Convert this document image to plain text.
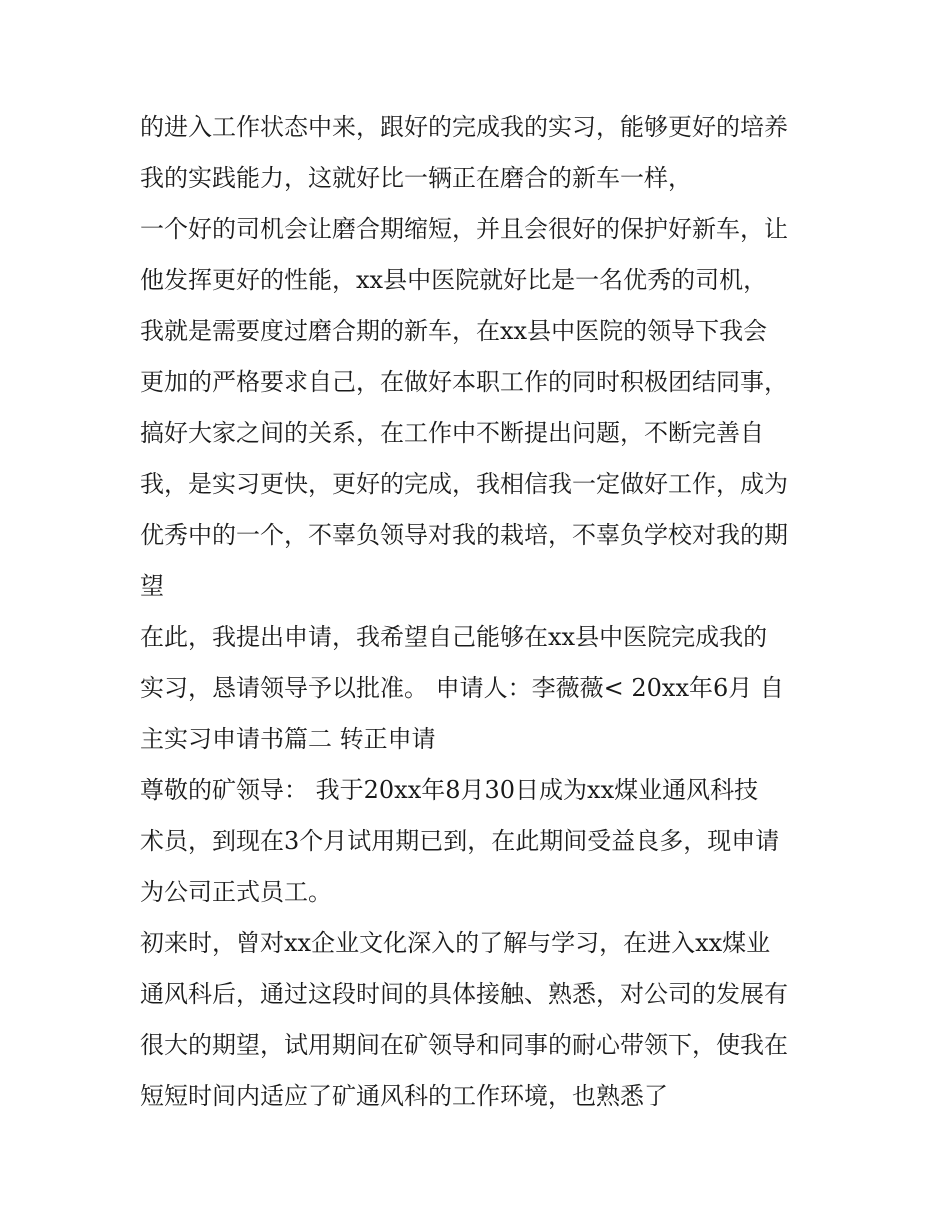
的进入工作状态中来，跟好的完成我的实习，能够更好的培养
我的实践能力，这就好比一辆正在磨合的新车一样，
一个好的司机会让磨合期缩短，并且会很好的保护好新车，让
他发挥更好的性能，xx县中医院就好比是一名优秀的司机，
我就是需要度过磨合期的新车，在xx县中医院的领导下我会
更加的严格要求自己，在做好本职工作的同时积极团结同事，
搞好大家之间的关系，在工作中不断提出问题，不断完善自
我，是实习更快，更好的完成，我相信我一定做好工作，成为
优秀中的一个，不辜负领导对我的栽培，不辜负学校对我的期
望
在此，我提出申请，我希望自己能够在xx县中医院完成我的
实习，恳请领导予以批准。 申请人：李薇薇< 20xx年6月 自
主实习申请书篇二 转正申请
尊敬的矿领导： 我于20xx年8月30日成为xx煤业通风科技
术员，到现在3个月试用期已到，在此期间受益良多，现申请
为公司正式员工。
初来时，曾对xx企业文化深入的了解与学习，在进入xx煤业
通风科后，通过这段时间的具体接触、熟悉，对公司的发展有
很大的期望，试用期间在矿领导和同事的耐心带领下，使我在
短短时间内适应了矿通风科的工作环境，也熟悉了
